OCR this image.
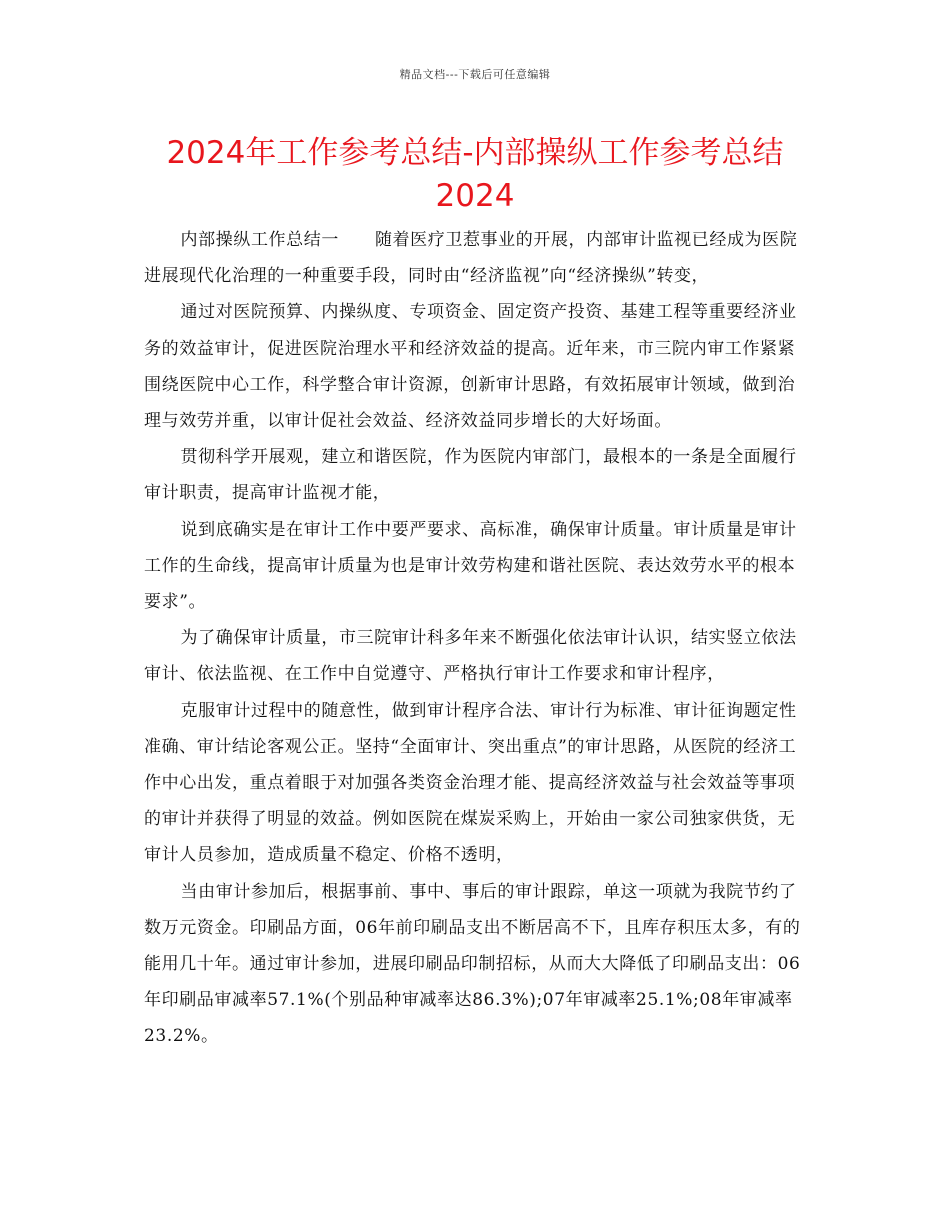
精品文档---下载后可任意编辑
2024年工作参考总结-内部操纵工作参考总结2024

内部操纵工作总结一 随着医疗卫惹事业的开展，内部审计监视已经成为医院进展现代化治理的一种重要手段，同时由“经济监视”向“经济操纵”转变，

通过对医院预算、内操纵度、专项资金、固定资产投资、基建工程等重要经济业务的效益审计，促进医院治理水平和经济效益的提高。近年来，市三院内审工作紧紧围绕医院中心工作，科学整合审计资源，创新审计思路，有效拓展审计领域，做到治理与效劳并重，以审计促社会效益、经济效益同步增长的大好场面。

贯彻科学开展观，建立和谐医院，作为医院内审部门，最根本的一条是全面履行审计职责，提高审计监视才能，

说到底确实是在审计工作中要严要求、高标准，确保审计质量。审计质量是审计工作的生命线，提高审计质量为也是审计效劳构建和谐社医院、表达效劳水平的根本要求”。

为了确保审计质量，市三院审计科多年来不断强化依法审计认识，结实竖立依法审计、依法监视、在工作中自觉遵守、严格执行审计工作要求和审计程序，

克服审计过程中的随意性，做到审计程序合法、审计行为标准、审计征询题定性准确、审计结论客观公正。坚持“全面审计、突出重点”的审计思路，从医院的经济工作中心出发，重点着眼于对加强各类资金治理才能、提高经济效益与社会效益等事项的审计并获得了明显的效益。例如医院在煤炭采购上，开始由一家公司独家供货，无审计人员参加，造成质量不稳定、价格不透明，

当由审计参加后，根据事前、事中、事后的审计跟踪，单这一项就为我院节约了数万元资金。印刷品方面，06年前印刷品支出不断居高不下，且库存积压太多，有的能用几十年。通过审计参加，进展印刷品印制招标，从而大大降低了印刷品支出：06年印刷品审减率57.1%(个别品种审减率达86.3%);07年审减率25.1%;08年审减率23.2%。
